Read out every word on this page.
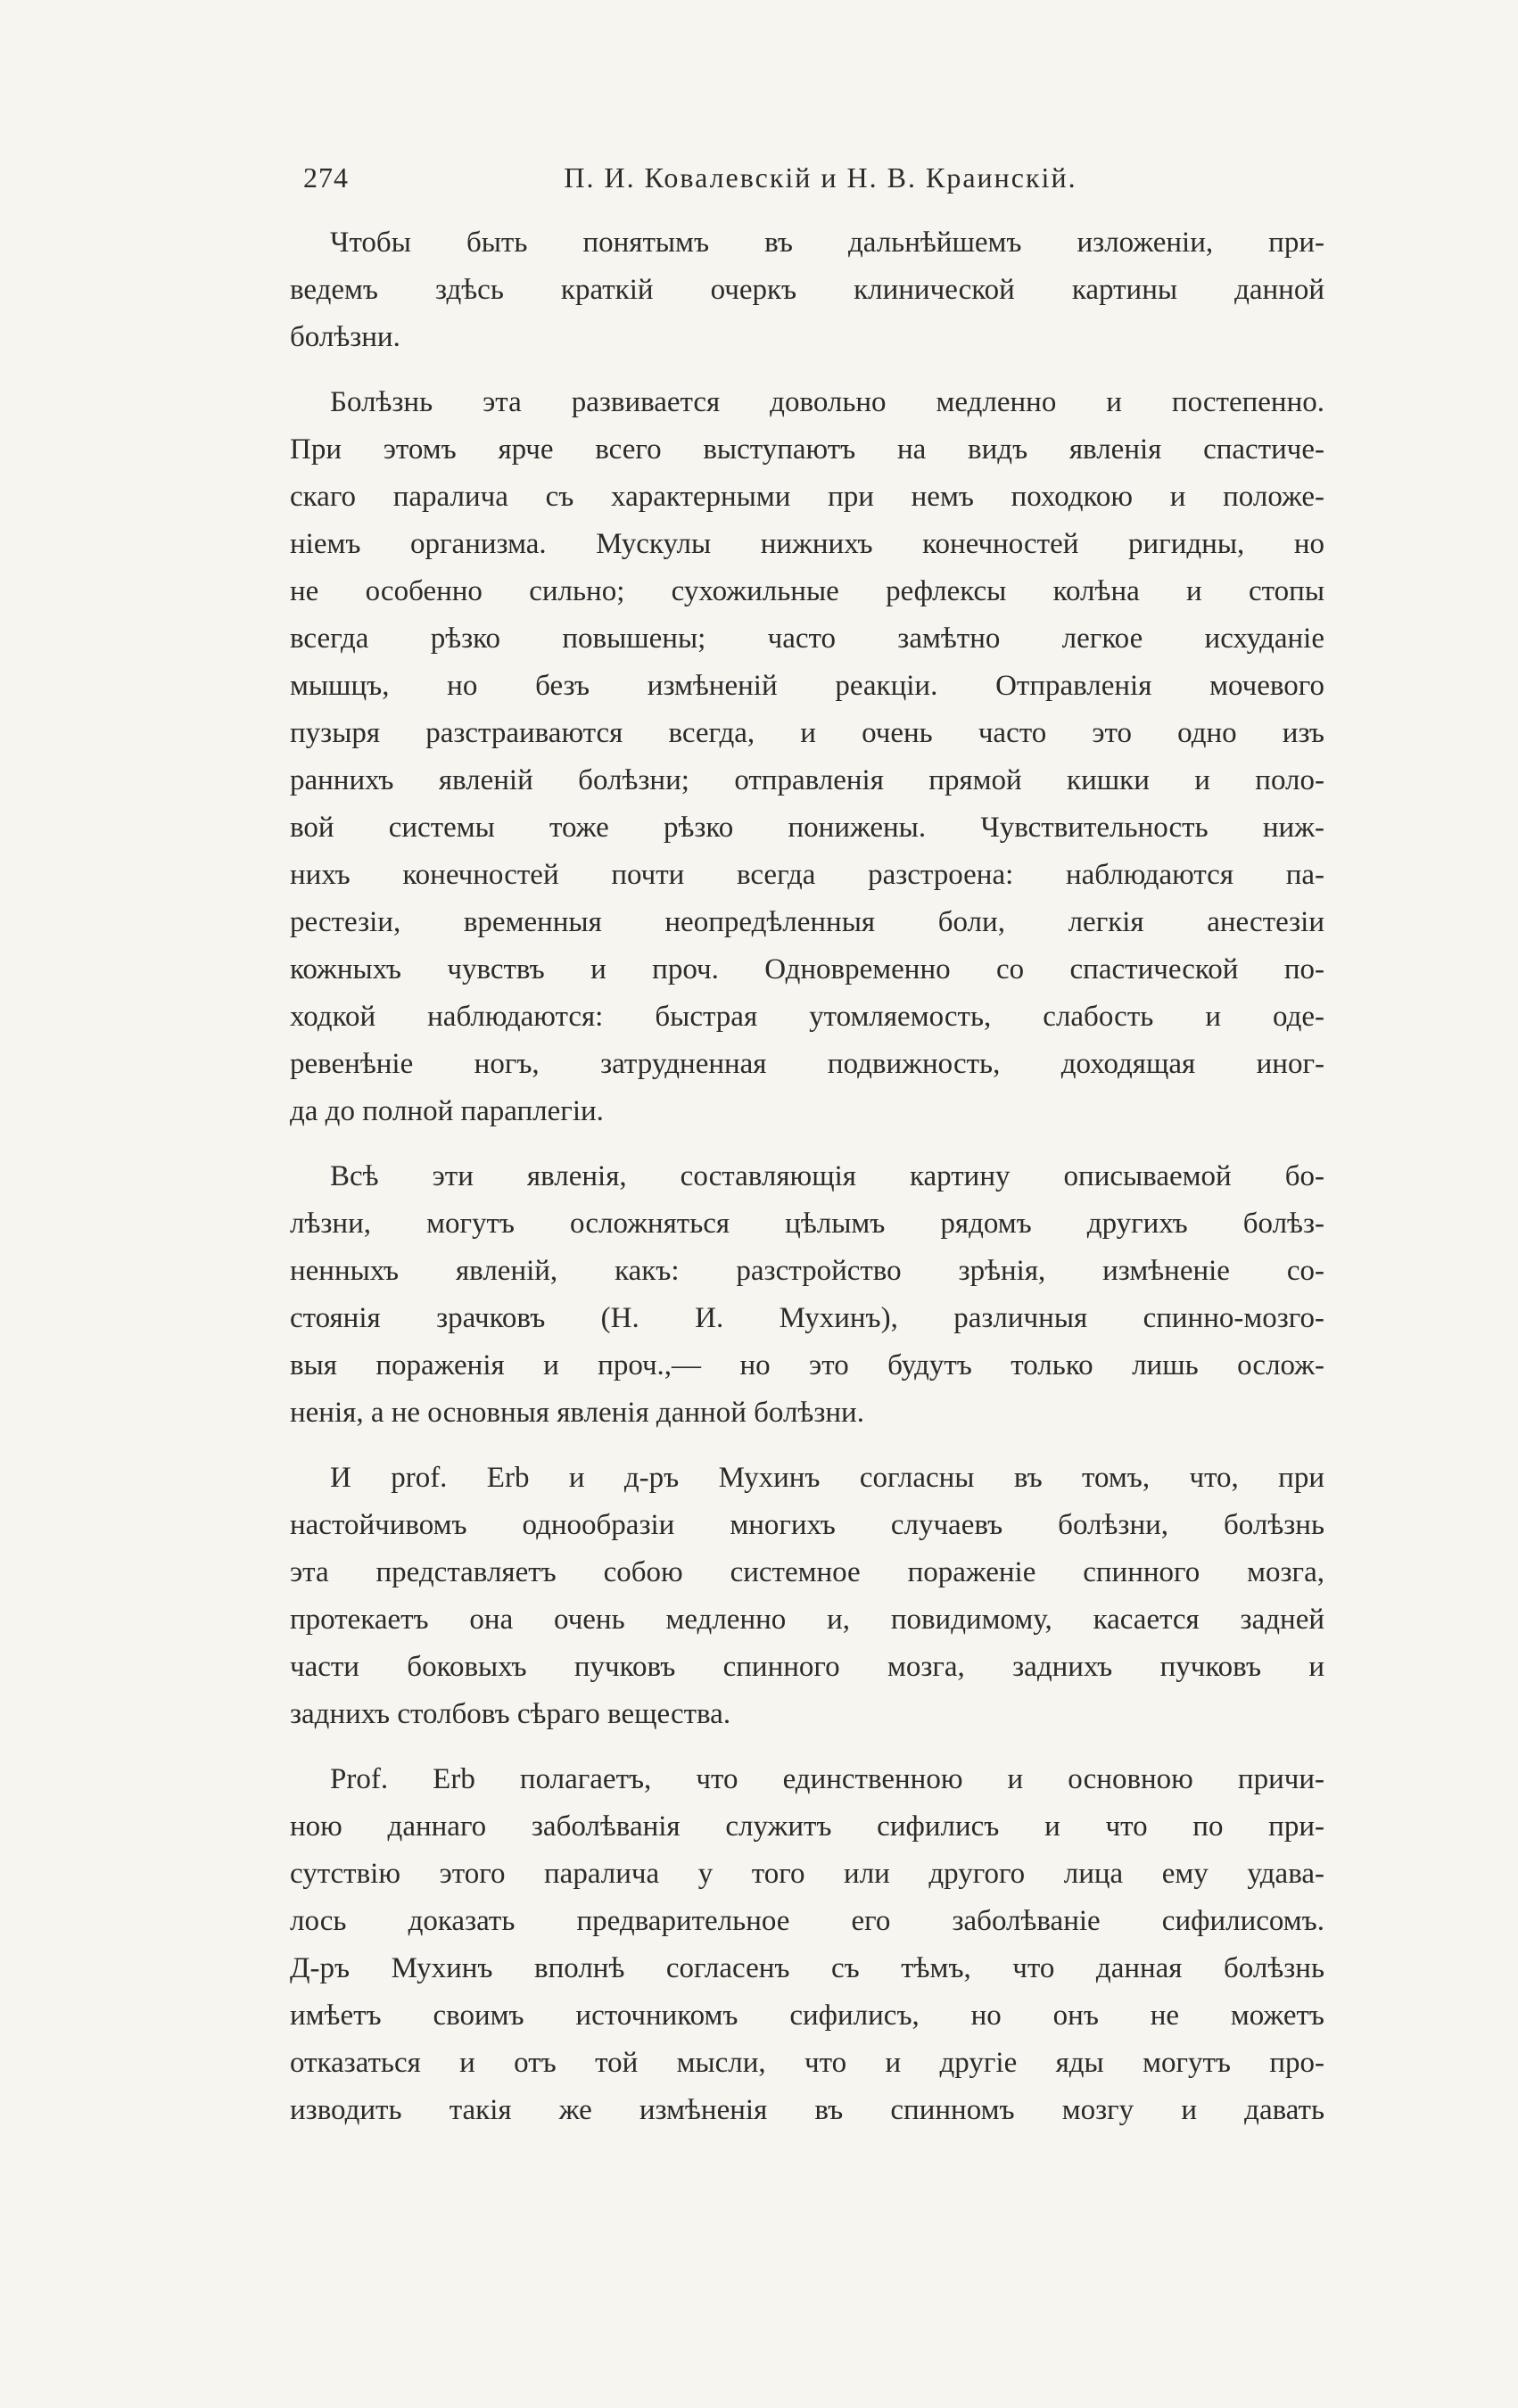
274	П. И. Ковалевскій и Н. В. Краинскій.

Чтобы быть понятымъ въ дальнѣйшемъ изложеніи, при-
ведемъ здѣсь краткій очеркъ клинической картины данной
болѣзни.

Болѣзнь эта развивается довольно медленно и постепенно.
При этомъ ярче всего выступаютъ на видъ явленія спастиче-
скаго паралича съ характерными при немъ походкою и положе-
ніемъ организма. Мускулы нижнихъ конечностей ригидны, но
не особенно сильно; сухожильные рефлексы колѣна и стопы
всегда рѣзко повышены; часто замѣтно легкое исхуданіе
мышцъ, но безъ измѣненій реакціи. Отправленія мочевого
пузыря разстраиваются всегда, и очень часто это одно изъ
раннихъ явленій болѣзни; отправленія прямой кишки и поло-
вой системы тоже рѣзко понижены. Чувствительность ниж-
нихъ конечностей почти всегда разстроена: наблюдаются па-
рестезіи, временныя неопредѣленныя боли, легкія анестезіи
кожныхъ чувствъ и проч. Одновременно со спастической по-
ходкой наблюдаются: быстрая утомляемость, слабость и оде-
ревенѣніе ногъ, затрудненная подвижность, доходящая иног-
да до полной параплегіи.

Всѣ эти явленія, составляющія картину описываемой бо-
лѣзни, могутъ осложняться цѣлымъ рядомъ другихъ болѣз-
ненныхъ явленій, какъ: разстройство зрѣнія, измѣненіе со-
стоянія зрачковъ (Н. И. Мухинъ), различныя спинно-мозго-
выя пораженія и проч.,— но это будутъ только лишь ослож-
ненія, а не основныя явленія данной болѣзни.

И prof. Erb и д-ръ Мухинъ согласны въ томъ, что, при
настойчивомъ однообразіи многихъ случаевъ болѣзни, болѣзнь
эта представляетъ собою системное пораженіе спинного мозга,
протекаетъ она очень медленно и, повидимому, касается задней
части боковыхъ пучковъ спинного мозга, заднихъ пучковъ и
заднихъ столбовъ сѣраго вещества.

Prof. Erb полагаетъ, что единственною и основною причи-
ною даннаго заболѣванія служитъ сифилисъ и что по при-
сутствію этого паралича у того или другого лица ему удава-
лось доказать предварительное его заболѣваніе сифилисомъ.
Д-ръ Мухинъ вполнѣ согласенъ съ тѣмъ, что данная болѣзнь
имѣетъ своимъ источникомъ сифилисъ, но онъ не можетъ
отказаться и отъ той мысли, что и другіе яды могутъ про-
изводить такія же измѣненія въ спинномъ мозгу и давать
